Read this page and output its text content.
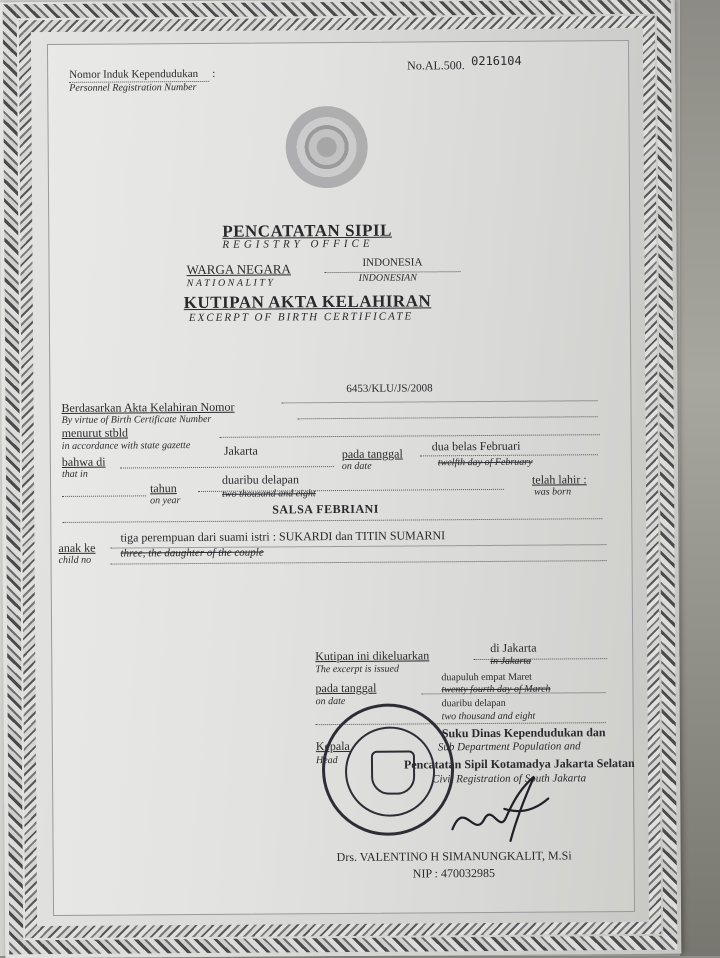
Nomor Induk Kependudukan :
Personnel Registration Number
No.AL.500. 0216104
PENCATATAN SIPIL
REGISTRY OFFICE
WARGA NEGARA
NATIONALITY
INDONESIA
INDONESIAN
KUTIPAN AKTA KELAHIRAN
EXCERPT OF BIRTH CERTIFICATE
6453/KLU/JS/2008
Berdasarkan Akta Kelahiran Nomor
By virtue of Birth Certificate Number
menurut stbld
in accordance with state gazette
bahwa di
that in
Jakarta	pada tanggal
on date
dua belas Februari
twelfth day of February
tahun
on year
duaribu delapan
two thousand and eight
telah lahir :
was born
SALSA FEBRIANI
anak ke
child no
tiga perempuan dari suami istri : SUKARDI dan TITIN SUMARNI
three, the daughter of the couple
Kutipan ini dikeluarkan
The excerpt is issued
di Jakarta
in Jakarta
pada tanggal
on date
duapuluh empat Maret
twenty fourth day of March
duaribu delapan
two thousand and eight
Kepala
Head
Suku Dinas Kependudukan dan
Sub Department Population and
Pencatatan Sipil Kotamadya Jakarta Selatan
Civil Registration of South Jakarta
Drs. VALENTINO H SIMANUNGKALIT, M.Si
NIP : 470032985
